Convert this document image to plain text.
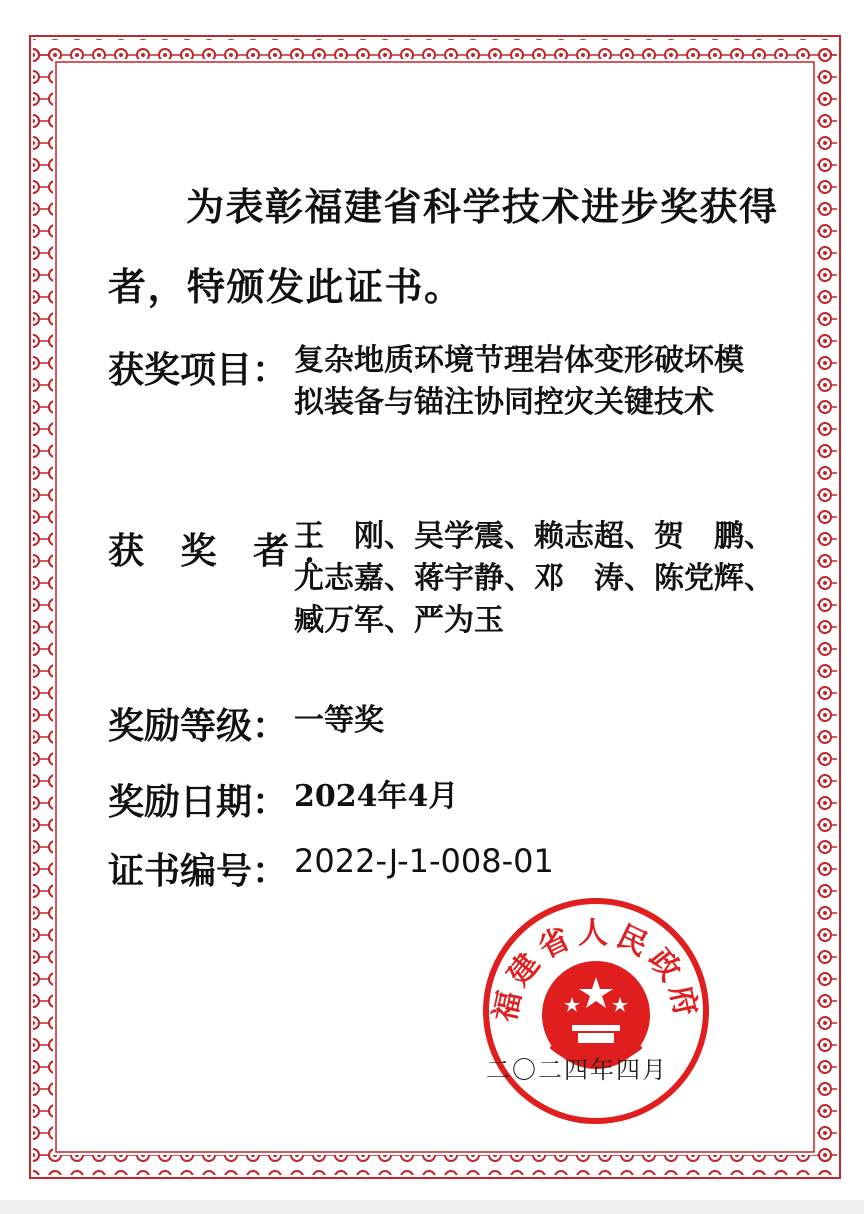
为表彰福建省科学技术进步奖获得
者，特颁发此证书。
获奖项目： 复杂地质环境节理岩体变形破坏模
拟装备与锚注协同控灾关键技术
获 奖 者：
王　刚、吴学震、赖志超、贺　鹏、
尤志嘉、蒋宇静、邓　涛、陈党辉、
臧万军、严为玉
奖励等级： 一等奖
奖励日期： 2024年4月
证书编号： 2022-J-1-008-01
福建省人民政府
二〇二四年四月
